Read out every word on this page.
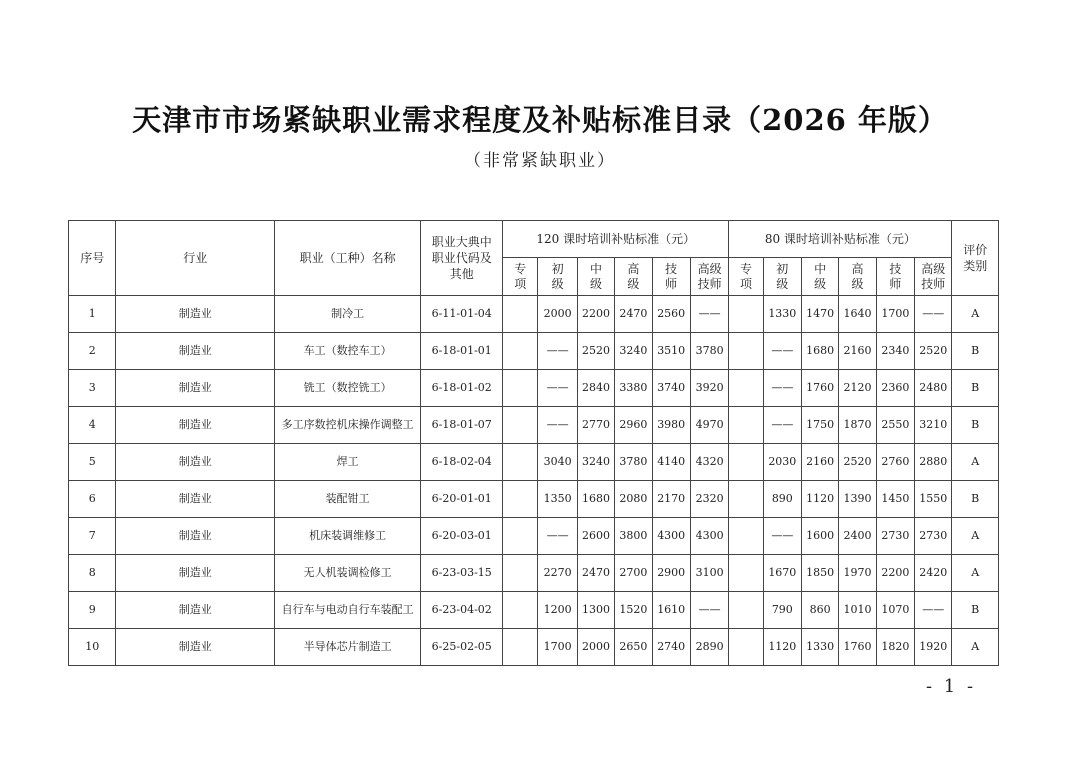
天津市市场紧缺职业需求程度及补贴标准目录（2026 年版）
（非常紧缺职业）
序号	行业	职业（工种）名称	职业大典中职业代码及其他	120 课时培训补贴标准（元）						80 课时培训补贴标准（元）						评价类别
				专项	初级	中级	高级	技师	高级技师	专项	初级	中级	高级	技师	高级技师	
1	制造业	制冷工	6-11-01-04		2000	2200	2470	2560	——		1330	1470	1640	1700	——	A
2	制造业	车工（数控车工）	6-18-01-01		——	2520	3240	3510	3780		——	1680	2160	2340	2520	B
3	制造业	铣工（数控铣工）	6-18-01-02		——	2840	3380	3740	3920		——	1760	2120	2360	2480	B
4	制造业	多工序数控机床操作调整工	6-18-01-07		——	2770	2960	3980	4970		——	1750	1870	2550	3210	B
5	制造业	焊工	6-18-02-04		3040	3240	3780	4140	4320		2030	2160	2520	2760	2880	A
6	制造业	装配钳工	6-20-01-01		1350	1680	2080	2170	2320		890	1120	1390	1450	1550	B
7	制造业	机床装调维修工	6-20-03-01		——	2600	3800	4300	4300		——	1600	2400	2730	2730	A
8	制造业	无人机装调检修工	6-23-03-15		2270	2470	2700	2900	3100		1670	1850	1970	2200	2420	A
9	制造业	自行车与电动自行车装配工	6-23-04-02		1200	1300	1520	1610	——		790	860	1010	1070	——	B
10	制造业	半导体芯片制造工	6-25-02-05		1700	2000	2650	2740	2890		1120	1330	1760	1820	1920	A
- 1 -
